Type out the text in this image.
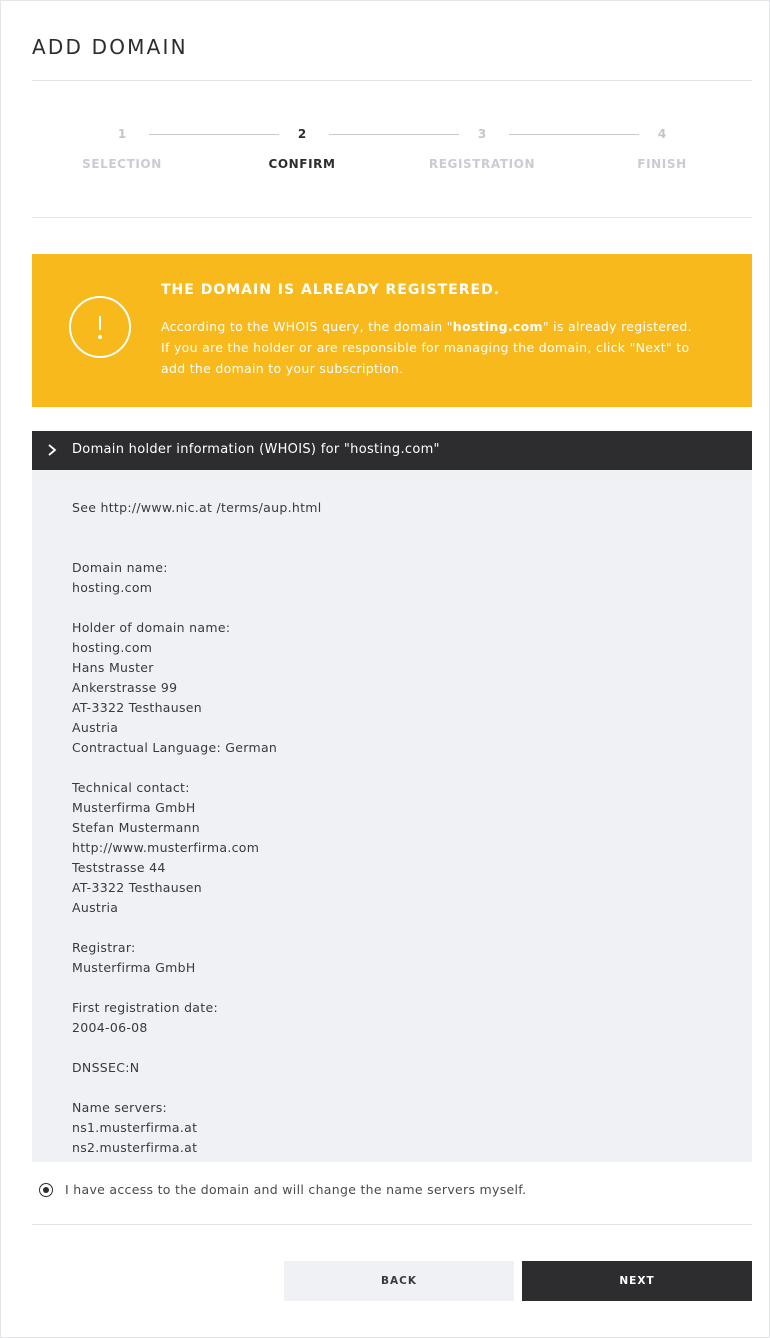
ADD DOMAIN
1	2	3	4
SELECTION	CONFIRM	REGISTRATION	FINISH
THE DOMAIN IS ALREADY REGISTERED.
According to the WHOIS query, the domain "hosting.com" is already registered.
If you are the holder or are responsible for managing the domain, click "Next" to
add the domain to your subscription.
Domain holder information (WHOIS) for "hosting.com"
See http://www.nic.at /terms/aup.html
Domain name:
hosting.com
Holder of domain name:
hosting.com
Hans Muster
Ankerstrasse 99
AT-3322 Testhausen
Austria
Contractual Language: German
Technical contact:
Musterfirma GmbH
Stefan Mustermann
http://www.musterfirma.com
Teststrasse 44
AT-3322 Testhausen
Austria
Registrar:
Musterfirma GmbH
First registration date:
2004-06-08
DNSSEC:N
Name servers:
ns1.musterfirma.at
ns2.musterfirma.at
I have access to the domain and will change the name servers myself.
BACK	NEXT
